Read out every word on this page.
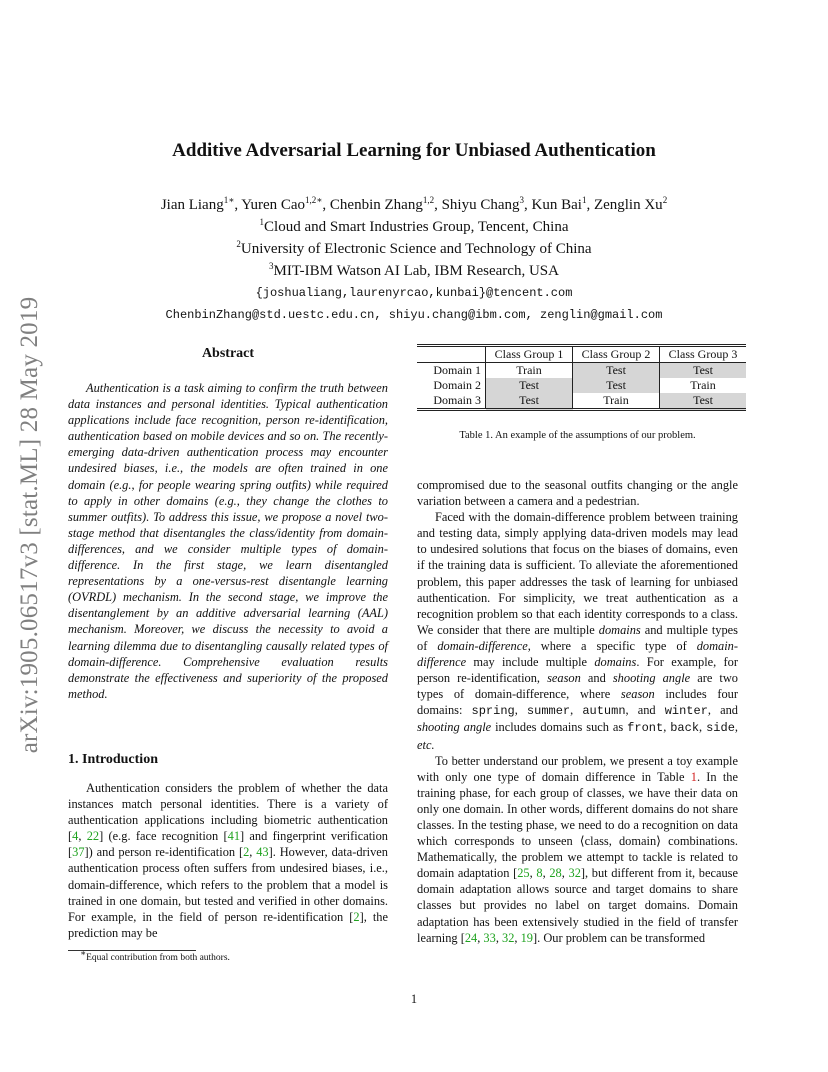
arXiv:1905.06517v3 [stat.ML] 28 May 2019
Additive Adversarial Learning for Unbiased Authentication
Jian Liang$^{1∗}$, Yuren Cao$^{1,2∗}$, Chenbin Zhang$^{1,2}$, Shiyu Chang$^3$, Kun Bai$^1$, Zenglin Xu$^2$
$^1$Cloud and Smart Industries Group, Tencent, China
$^2$University of Electronic Science and Technology of China
$^3$MIT-IBM Watson AI Lab, IBM Research, USA
{joshualiang,laurenyrcao,kunbai}@tencent.com
ChenbinZhang@std.uestc.edu.cn, shiyu.chang@ibm.com, zenglin@gmail.com
Abstract

Authentication is a task aiming to confirm the truth between data instances and personal identities. Typical authentication applications include face recognition, person re-identification, authentication based on mobile devices and so on. The recently-emerging data-driven authentication process may encounter undesired biases, i.e., the models are often trained in one domain (e.g., for people wearing spring outfits) while required to apply in other domains (e.g., they change the clothes to summer outfits). To address this issue, we propose a novel two-stage method that disentangles the class/identity from domain-differences, and we consider multiple types of domain-difference. In the first stage, we learn disentangled representations by a one-versus-rest disentangle learning (OVRDL) mechanism. In the second stage, we improve the disentanglement by an additive adversarial learning (AAL) mechanism. Moreover, we discuss the necessity to avoid a learning dilemma due to disentangling causally related types of domain-difference. Comprehensive evaluation results demonstrate the effectiveness and superiority of the proposed method.

1. Introduction

Authentication considers the problem of whether the data instances match personal identities. There is a variety of authentication applications including biometric authentication [4, 22] (e.g. face recognition [41] and fingerprint verification [37]) and person re-identification [2, 43]. However, data-driven authentication process often suffers from undesired biases, i.e., domain-difference, which refers to the problem that a model is trained in one domain, but tested and verified in other domains. For example, in the field of person re-identification [2], the prediction may be

∗Equal contribution from both authors.
	Class Group 1	Class Group 2	Class Group 3
Domain 1	Train	Test	Test
Domain 2	Test	Test	Train
Domain 3	Test	Train	Test
Table 1. An example of the assumptions of our problem.

compromised due to the seasonal outfits changing or the angle variation between a camera and a pedestrian.

Faced with the domain-difference problem between training and testing data, simply applying data-driven models may lead to undesired solutions that focus on the biases of domains, even if the training data is sufficient. To alleviate the aforementioned problem, this paper addresses the task of learning for unbiased authentication. For simplicity, we treat authentication as a recognition problem so that each identity corresponds to a class. We consider that there are multiple domains and multiple types of domain-difference, where a specific type of domain-difference may include multiple domains. For example, for person re-identification, season and shooting angle are two types of domain-difference, where season includes four domains: spring, summer, autumn, and winter, and shooting angle includes domains such as front, back, side, etc.

To better understand our problem, we present a toy example with only one type of domain difference in Table 1. In the training phase, for each group of classes, we have their data on only one domain. In other words, different domains do not share classes. In the testing phase, we need to do a recognition on data which corresponds to unseen ⟨class, domain⟩ combinations. Mathematically, the problem we attempt to tackle is related to domain adaptation [25, 8, 28, 32], but different from it, because domain adaptation allows source and target domains to share classes but provides no label on target domains. Domain adaptation has been extensively studied in the field of transfer learning [24, 33, 32, 19]. Our problem can be transformed

1
